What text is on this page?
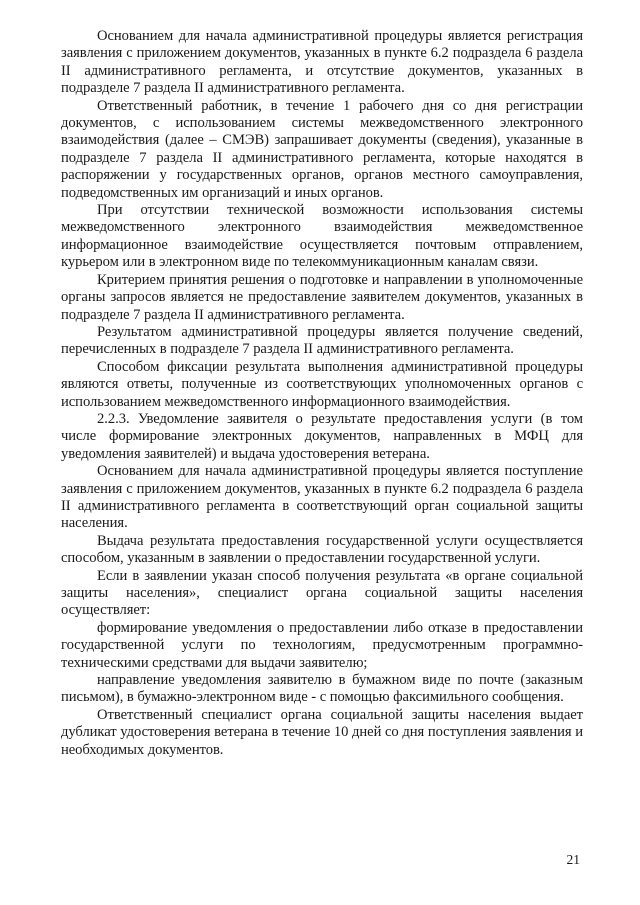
Основанием для начала административной процедуры является регистрация заявления с приложением документов, указанных в пункте 6.2 подраздела 6 раздела II административного регламента, и отсутствие документов, указанных в подразделе 7 раздела II административного регламента.

Ответственный работник, в течение 1 рабочего дня со дня регистрации документов, с использованием системы межведомственного электронного взаимодействия (далее – СМЭВ) запрашивает документы (сведения), указанные в подразделе 7 раздела II административного регламента, которые находятся в распоряжении у государственных органов, органов местного самоуправления, подведомственных им организаций и иных органов.

При отсутствии технической возможности использования системы межведомственного электронного взаимодействия межведомственное информационное взаимодействие осуществляется почтовым отправлением, курьером или в электронном виде по телекоммуникационным каналам связи.

Критерием принятия решения о подготовке и направлении в уполномоченные органы запросов является не предоставление заявителем документов, указанных в подразделе 7 раздела II административного регламента.

Результатом административной процедуры является получение сведений, перечисленных в подразделе 7 раздела II административного регламента.

Способом фиксации результата выполнения административной процедуры являются ответы, полученные из соответствующих уполномоченных органов с использованием межведомственного информационного взаимодействия.

2.2.3. Уведомление заявителя о результате предоставления услуги (в том числе формирование электронных документов, направленных в МФЦ для уведомления заявителей) и выдача удостоверения ветерана.

Основанием для начала административной процедуры является поступление заявления с приложением документов, указанных в пункте 6.2 подраздела 6 раздела II административного регламента в соответствующий орган социальной защиты населения.

Выдача результата предоставления государственной услуги осуществляется способом, указанным в заявлении о предоставлении государственной услуги.

Если в заявлении указан способ получения результата «в органе социальной защиты населения», специалист органа социальной защиты населения осуществляет:

формирование уведомления о предоставлении либо отказе в предоставлении государственной услуги по технологиям, предусмотренным программно-техническими средствами для выдачи заявителю;

направление уведомления заявителю в бумажном виде по почте (заказным письмом), в бумажно-электронном виде - с помощью факсимильного сообщения.

Ответственный специалист органа социальной защиты населения выдает дубликат удостоверения ветерана в течение 10 дней со дня поступления заявления и необходимых документов.

21
